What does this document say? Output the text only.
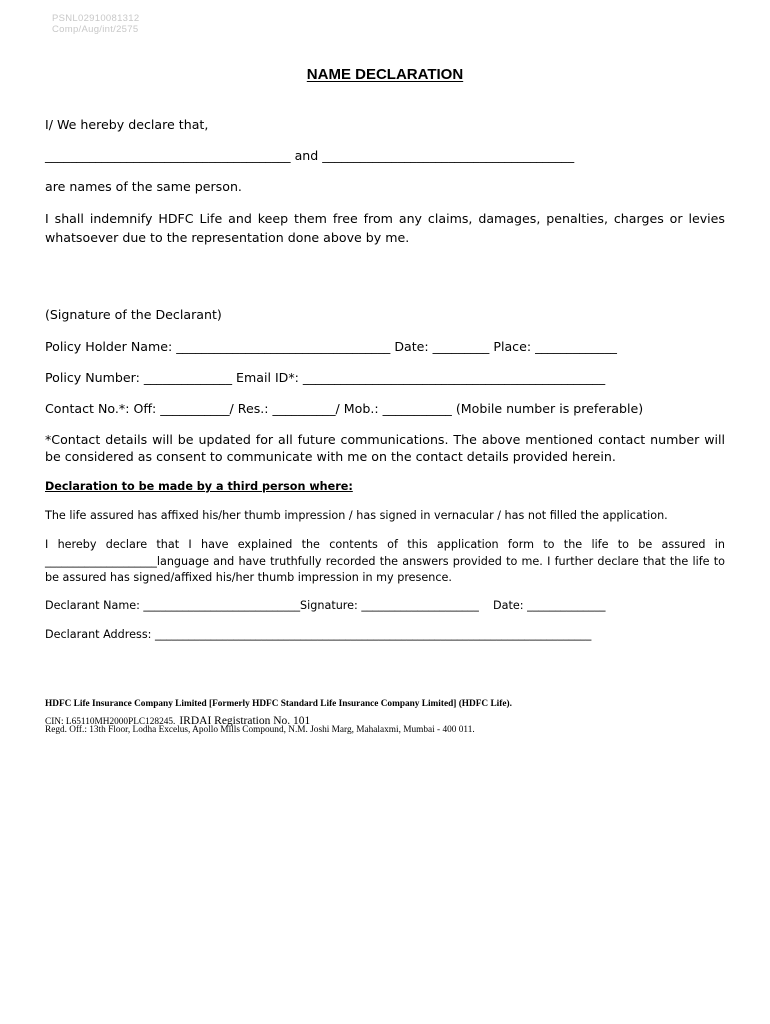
PSNL02910081312
Comp/Aug/int/2575
NAME DECLARATION
I/ We hereby declare that,
_______________________________________ and ________________________________________
are names of the same person.
I shall indemnify HDFC Life and keep them free from any claims, damages, penalties, charges or levies whatsoever due to the representation done above by me.
(Signature of the Declarant)
Policy Holder Name: __________________________________ Date: _________ Place: _____________
Policy Number: ______________ Email ID*: ________________________________________________
Contact No.*: Off: ___________/ Res.: __________/ Mob.: ___________ (Mobile number is preferable)
*Contact details will be updated for all future communications. The above mentioned contact number will be considered as consent to communicate with me on the contact details provided herein.
Declaration to be made by a third person where:
The life assured has affixed his/her thumb impression / has signed in vernacular / has not filled the application.
I hereby declare that I have explained the contents of this application form to the life to be assured in ____________________language and have truthfully recorded the answers provided to me. I further declare that the life to be assured has signed/affixed his/her thumb impression in my presence.
Declarant Name: ____________________________Signature: _____________________    Date: ______________
Declarant Address: ______________________________________________________________________________
HDFC Life Insurance Company Limited [Formerly HDFC Standard Life Insurance Company Limited] (HDFC Life).
CIN: L65110MH2000PLC128245. IRDAI Registration No. 101
Regd. Off.: 13th Floor, Lodha Excelus, Apollo Mills Compound, N.M. Joshi Marg, Mahalaxmi, Mumbai - 400 011.
